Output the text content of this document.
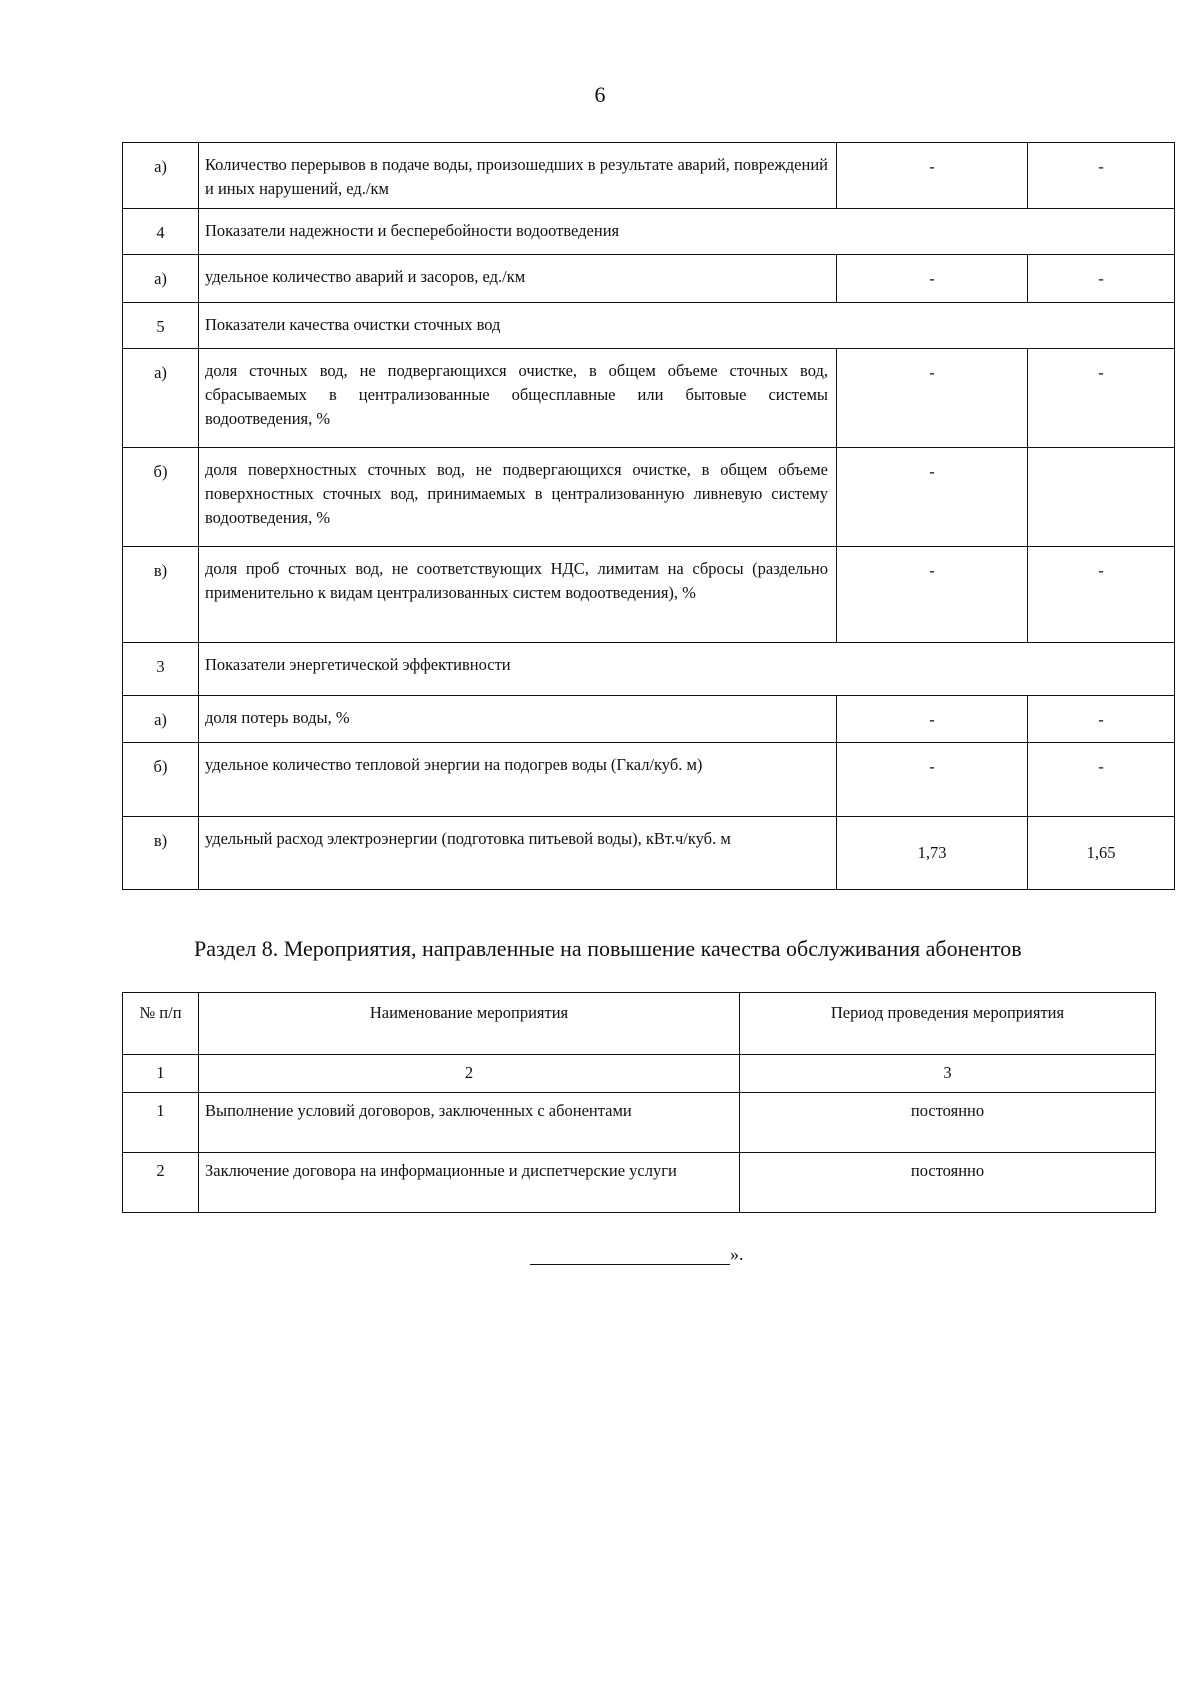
6
а)	Количество перерывов в подаче воды, произошедших в результате аварий, повреждений и иных нарушений, ед./км	-	-
4	Показатели надежности и бесперебойности водоотведения		
а)	удельное количество аварий и засоров, ед./км	-	-
5	Показатели качества очистки сточных вод		
а)	доля сточных вод, не подвергающихся очистке, в общем объеме сточных вод, сбрасываемых в централизованные общесплавные или бытовые системы водоотведения, %	-	-
б)	доля поверхностных сточных вод, не подвергающихся очистке, в общем объеме поверхностных сточных вод, принимаемых в централизованную ливневую систему водоотведения, %	-	
в)	доля проб сточных вод, не соответствующих НДС, лимитам на сбросы (раздельно применительно к видам централизованных систем водоотведения), %	-	-
3	Показатели энергетической эффективности		
а)	доля потерь воды, %	-	-
б)	удельное количество тепловой энергии на подогрев воды (Гкал/куб. м)	-	-
в)	удельный расход электроэнергии (подготовка питьевой воды), кВт.ч/куб. м	1,73	1,65
Раздел 8. Мероприятия, направленные на повышение качества обслуживания абонентов
№ п/п	Наименование мероприятия	Период проведения мероприятия
1	2	3
1	Выполнение условий договоров, заключенных с абонентами	постоянно
2	Заключение договора на информационные и диспетчерские услуги	постоянно
».
